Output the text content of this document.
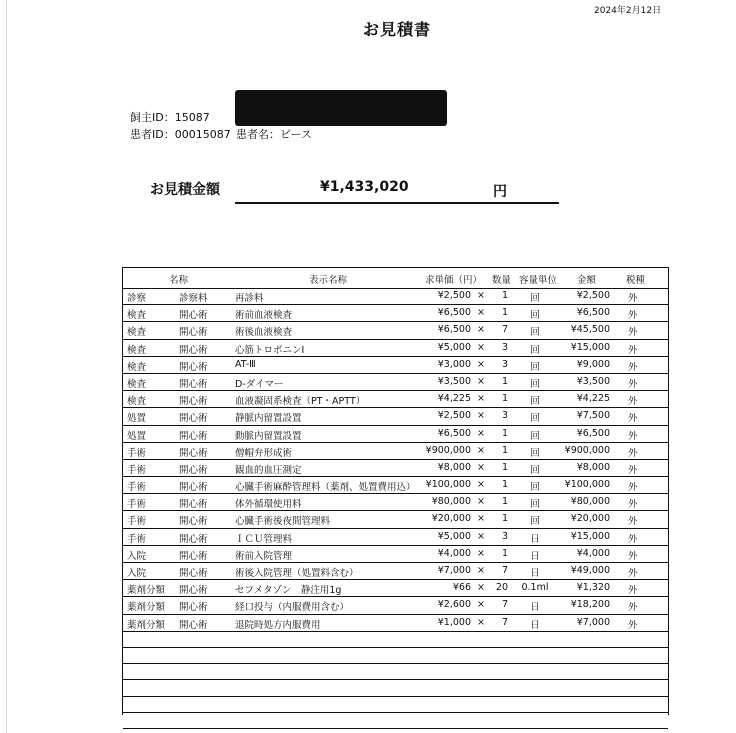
2024年2月12日
お見積書
飼主ID：15087
患者ID：00015087 患者名：ピース
お見積金額	¥1,433,020	円
名称	表示名称	求単価（円） 数量 容量単位 金額	税種
診察	診察料	再診料	¥2,500 ×	1	回	¥2,500 外
検査	開心術	術前血液検査	¥6,500 ×	1	回	¥6,500 外
検査	開心術	術後血液検査	¥6,500 ×	7	回	¥45,500 外
検査	開心術	心筋トロポニンI	¥5,000 ×	3	回	¥15,000 外
検査	開心術	AT-Ⅲ	¥3,000 ×	3	回	¥9,000 外
検査	開心術	D-ダイマー	¥3,500 ×	1	回	¥3,500 外
検査	開心術	血液凝固系検査（PT・APTT）	¥4,225 ×	1	回	¥4,225 外
処置	開心術	静脈内留置設置	¥2,500 ×	3	回	¥7,500 外
処置	開心術	動脈内留置設置	¥6,500 ×	1	回	¥6,500 外
手術	開心術	僧帽弁形成術	¥900,000 ×	1	回	¥900,000 外
手術	開心術	観血的血圧測定	¥8,000 ×	1	回	¥8,000 外
手術	開心術	心臓手術麻酔管理料（薬剤、処置費用込）	¥100,000 ×	1	回	¥100,000 外
手術	開心術	体外循環使用料	¥80,000 ×	1	回	¥80,000 外
手術	開心術	心臓手術後夜間管理料	¥20,000 ×	1	回	¥20,000 外
手術	開心術	ＩＣＵ管理料	¥5,000 ×	3	日	¥15,000 外
入院	開心術	術前入院管理	¥4,000 ×	1	日	¥4,000 外
入院	開心術	術後入院管理（処置料含む）	¥7,000 ×	7	日	¥49,000 外
薬剤分類 開心術	セフメタゾン　静注用1g	¥66 ×	20 0.1ml	¥1,320 外
薬剤分類 開心術	経口投与（内服費用含む）	¥2,600 ×	7	日	¥18,200 外
薬剤分類 開心術	退院時処方内服費用	¥1,000 ×	7	日	¥7,000 外
